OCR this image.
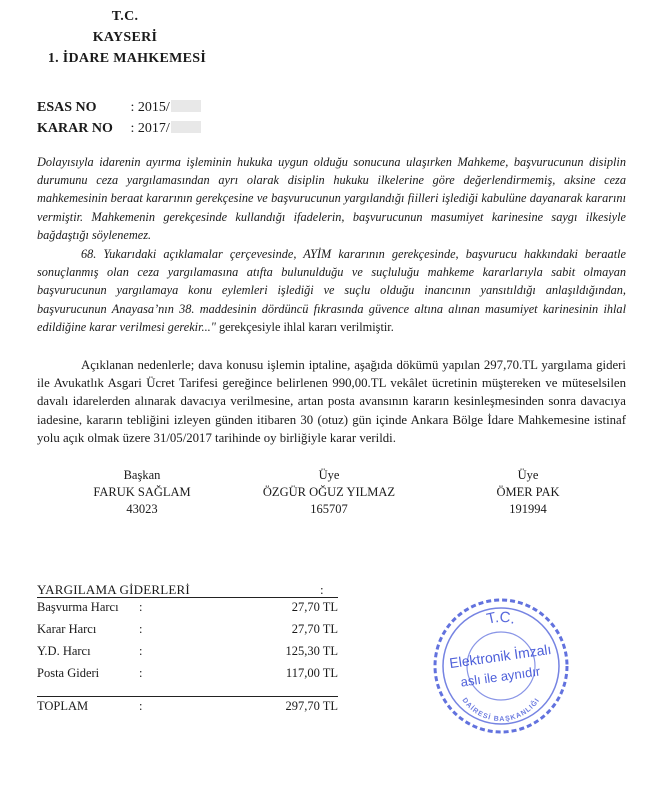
T.C.
KAYSERİ
1. İDARE MAHKEMESİ
ESAS NO : 2015/
KARAR NO : 2017/
Dolayısıyla idarenin ayırma işleminin hukuka uygun olduğu sonucuna ulaşırken Mahkeme, başvurucunun disiplin durumunu ceza yargılamasından ayrı olarak disiplin hukuku ilkelerine göre değerlendirmemiş, aksine ceza mahkemesinin beraat kararının gerekçesine ve başvurucunun yargılandığı fiilleri işlediği kabulüne dayanarak kararını vermiştir. Mahkemenin gerekçesinde kullandığı ifadelerin, başvurucunun masumiyet karinesine saygı ilkesiyle bağdaştığı söylenemez.
68. Yukarıdaki açıklamalar çerçevesinde, AYİM kararının gerekçesinde, başvurucu hakkındaki beraatle sonuçlanmış olan ceza yargılamasına atıfta bulunulduğu ve suçluluğu mahkeme kararlarıyla sabit olmayan başvurucunun yargılamaya konu eylemleri işlediği ve suçlu olduğu inancının yansıtıldığı anlaşıldığından, başvurucunun Anayasa’nın 38. maddesinin dördüncü fıkrasında güvence altına alınan masumiyet karinesinin ihlal edildiğine karar verilmesi gerekir..." gerekçesiyle ihlal kararı verilmiştir.
Açıklanan nedenlerle; dava konusu işlemin iptaline, aşağıda dökümü yapılan 297,70.TL yargılama gideri ile Avukatlık Asgari Ücret Tarifesi gereğince belirlenen 990,00.TL vekâlet ücretinin müştereken ve müteselsilen davalı idarelerden alınarak davacıya verilmesine, artan posta avansının kararın kesinleşmesinden sonra davacıya iadesine, kararın tebliğini izleyen günden itibaren 30 (otuz) gün içinde Ankara Bölge İdare Mahkemesine istinaf yolu açık olmak üzere 31/05/2017 tarihinde oy birliğiyle karar verildi.
Başkan
FARUK SAĞLAM
43023
Üye
ÖZGÜR OĞUZ YILMAZ
165707
Üye
ÖMER PAK
191994
YARGILAMA GİDERLERİ	:
Başvurma Harcı :	27,70 TL
Karar Harcı	:	27,70 TL
Y.D. Harcı	:	125,30 TL
Posta Gideri	:	117,00 TL
TOPLAM	:	297,70 TL
T.C.
DAİRESİ BAŞKANLIĞI
Elektronik İmzalı
aslı ile aynıdır
